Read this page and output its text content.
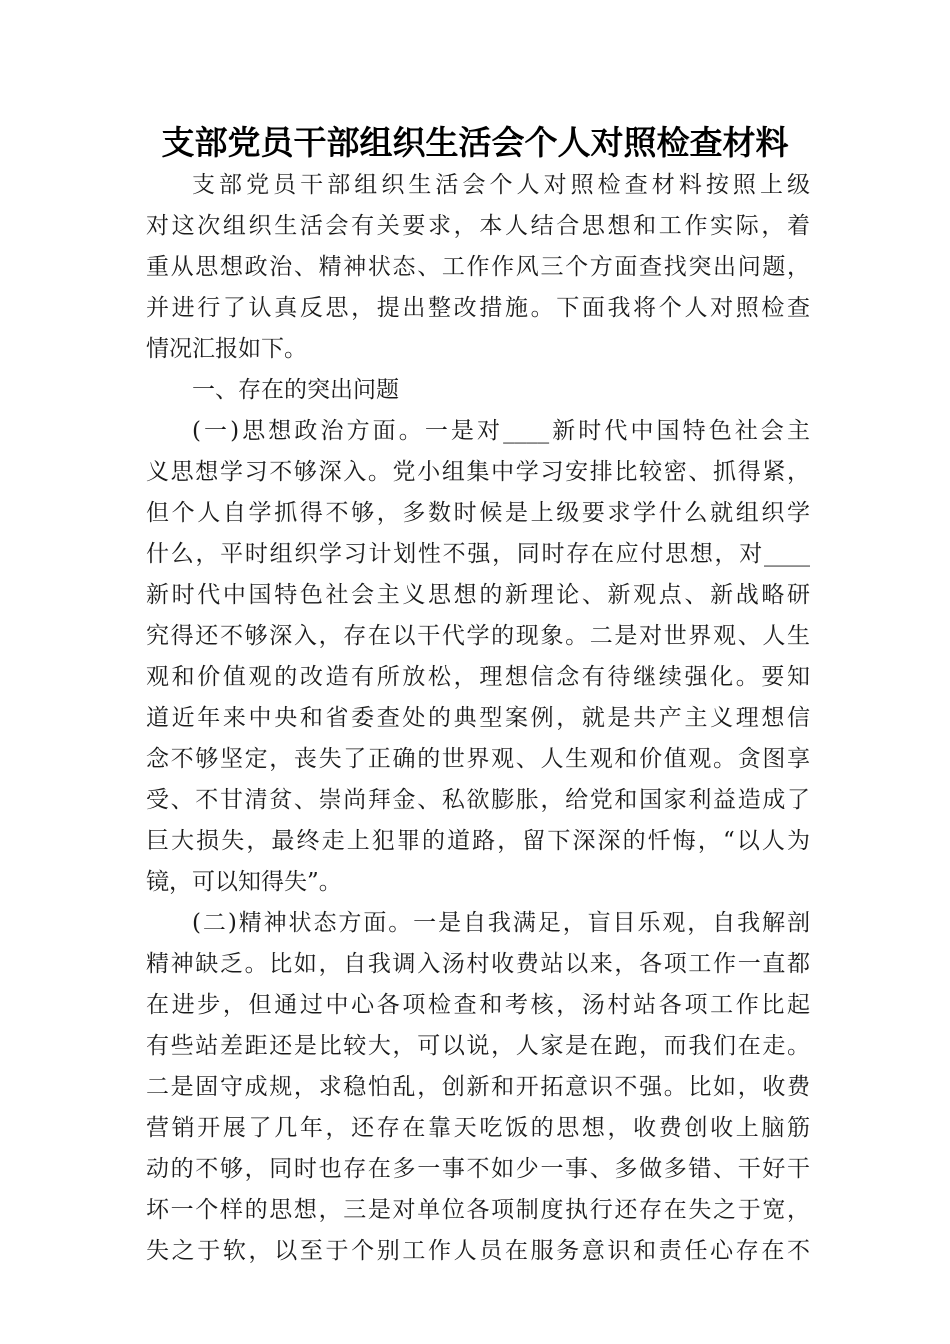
支部党员干部组织生活会个人对照检查材料
支部党员干部组织生活会个人对照检查材料按照上级
对这次组织生活会有关要求，本人结合思想和工作实际，着
重从思想政治、精神状态、工作作风三个方面查找突出问题，
并进行了认真反思，提出整改措施。下面我将个人对照检查
情况汇报如下。
一、存在的突出问题
(一)思想政治方面。一是对____新时代中国特色社会主
义思想学习不够深入。党小组集中学习安排比较密、抓得紧，
但个人自学抓得不够，多数时候是上级要求学什么就组织学
什么，平时组织学习计划性不强，同时存在应付思想，对____
新时代中国特色社会主义思想的新理论、新观点、新战略研
究得还不够深入，存在以干代学的现象。二是对世界观、人生
观和价值观的改造有所放松，理想信念有待继续强化。要知
道近年来中央和省委查处的典型案例，就是共产主义理想信
念不够坚定，丧失了正确的世界观、人生观和价值观。贪图享
受、不甘清贫、崇尚拜金、私欲膨胀，给党和国家利益造成了
巨大损失，最终走上犯罪的道路，留下深深的忏悔，“以人为
镜，可以知得失”。
(二)精神状态方面。一是自我满足，盲目乐观，自我解剖
精神缺乏。比如，自我调入汤村收费站以来，各项工作一直都
在进步，但通过中心各项检查和考核，汤村站各项工作比起
有些站差距还是比较大，可以说，人家是在跑，而我们在走。
二是固守成规，求稳怕乱，创新和开拓意识不强。比如，收费
营销开展了几年，还存在靠天吃饭的思想，收费创收上脑筋
动的不够，同时也存在多一事不如少一事、多做多错、干好干
坏一个样的思想，三是对单位各项制度执行还存在失之于宽，
失之于软，以至于个别工作人员在服务意识和责任心存在不
